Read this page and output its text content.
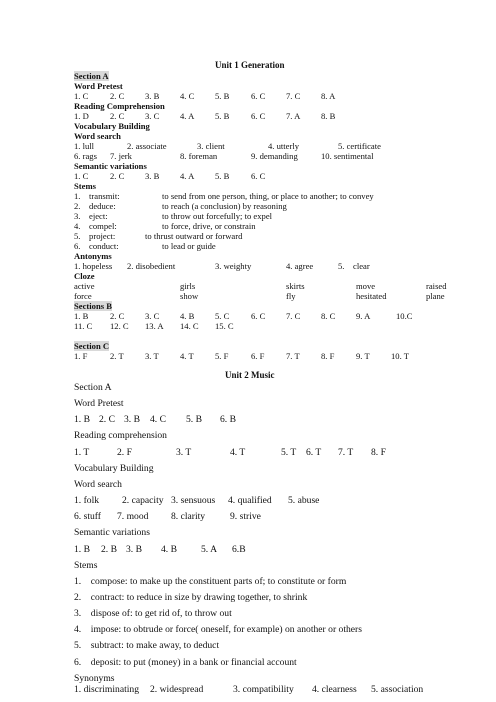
Unit 1 Generation
Section A
Word Pretest
1. C	2. C 3. B 4. C 5. B	6. C 7. C 8. A
Reading Comprehension
1. D 2. C 3. C 4. A 5. B	6. C 7. A 8. B
Vocabulary Building
Word search
1. lull	2. associate	3. client	4. utterly	5. certificate
6. rags 7. jerk	8. foreman	9. demanding	10. sentimental
Semantic variations
1. C	2. C 3. B 4. A 5. B	6. C
Stems
1.    transmit:	to send from one person, thing, or place to another; to convey
2.    deduce:	to reach (a conclusion) by reasoning
3.    eject:	to throw out forcefully; to expel
4.    compel:	to force, drive, or constrain
5.    project:	to thrust outward or forward
6.    conduct:	to lead or guide
Antonyms
1. hopeless 2. disobedient	3. weighty	4. agree	5.    clear
Cloze
active	girls	skirts	move	raised
force	show	fly	hesitated	plane
Sections B
1. B	2. C 3. C 4. B 5. C	6. C 7. C 8. C 9. A	10.C
11. C 12. C 13. A 14. C 15. C
Section C
1. F	2. T 3. T 4. T 5. F	6. F	7. T 8. F	9. T 10. T
Unit 2 Music
Section A
Word Pretest
1. B 2. C 3. B 4. C 5. B 6. B
Reading comprehension
1. T	2. F	3. T	4. T	5. T 6. T 7. T 8. F
Vocabulary Building
Word search
1. folk 2. capacity 3. sensuous 4. qualified 5. abuse
6. stuff 7. mood 8. clarity	9. strive
Semantic variations
1. B 2. B 3. B 4. B	5. A 6.B
Stems
1.    compose: to make up the constituent parts of; to constitute or form
2.    contract: to reduce in size by drawing together, to shrink
3.    dispose of: to get rid of, to throw out
4.    impose: to obtrude or force( oneself, for example) on another or others
5.    subtract: to make away, to deduct
6.    deposit: to put (money) in a bank or financial account
Synonyms
1. discriminating 2. widespread	3. compatibility 4. clearness 5. association
